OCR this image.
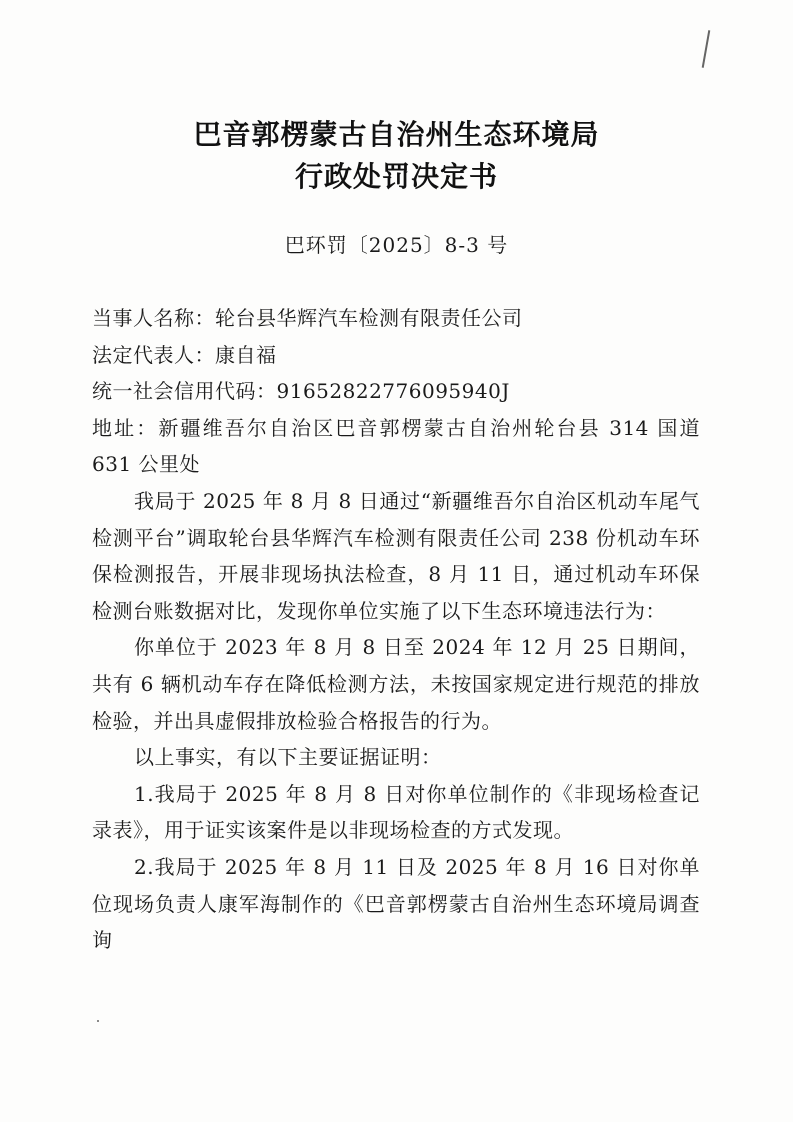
巴音郭楞蒙古自治州生态环境局
行政处罚决定书
巴环罚〔2025〕8-3 号

当事人名称：轮台县华辉汽车检测有限责任公司

法定代表人：康自福

统一社会信用代码：91652822776095940J

地址：新疆维吾尔自治区巴音郭楞蒙古自治州轮台县 314 国道 631 公里处

我局于 2025 年 8 月 8 日通过“新疆维吾尔自治区机动车尾气检测平台”调取轮台县华辉汽车检测有限责任公司 238 份机动车环保检测报告，开展非现场执法检查，8 月 11 日，通过机动车环保检测台账数据对比，发现你单位实施了以下生态环境违法行为：

你单位于 2023 年 8 月 8 日至 2024 年 12 月 25 日期间，共有 6 辆机动车存在降低检测方法，未按国家规定进行规范的排放检验，并出具虚假排放检验合格报告的行为。

以上事实，有以下主要证据证明：

1.我局于 2025 年 8 月 8 日对你单位制作的《非现场检查记录表》，用于证实该案件是以非现场检查的方式发现。

2.我局于 2025 年 8 月 11 日及 2025 年 8 月 16 日对你单位现场负责人康军海制作的《巴音郭楞蒙古自治州生态环境局调查询
